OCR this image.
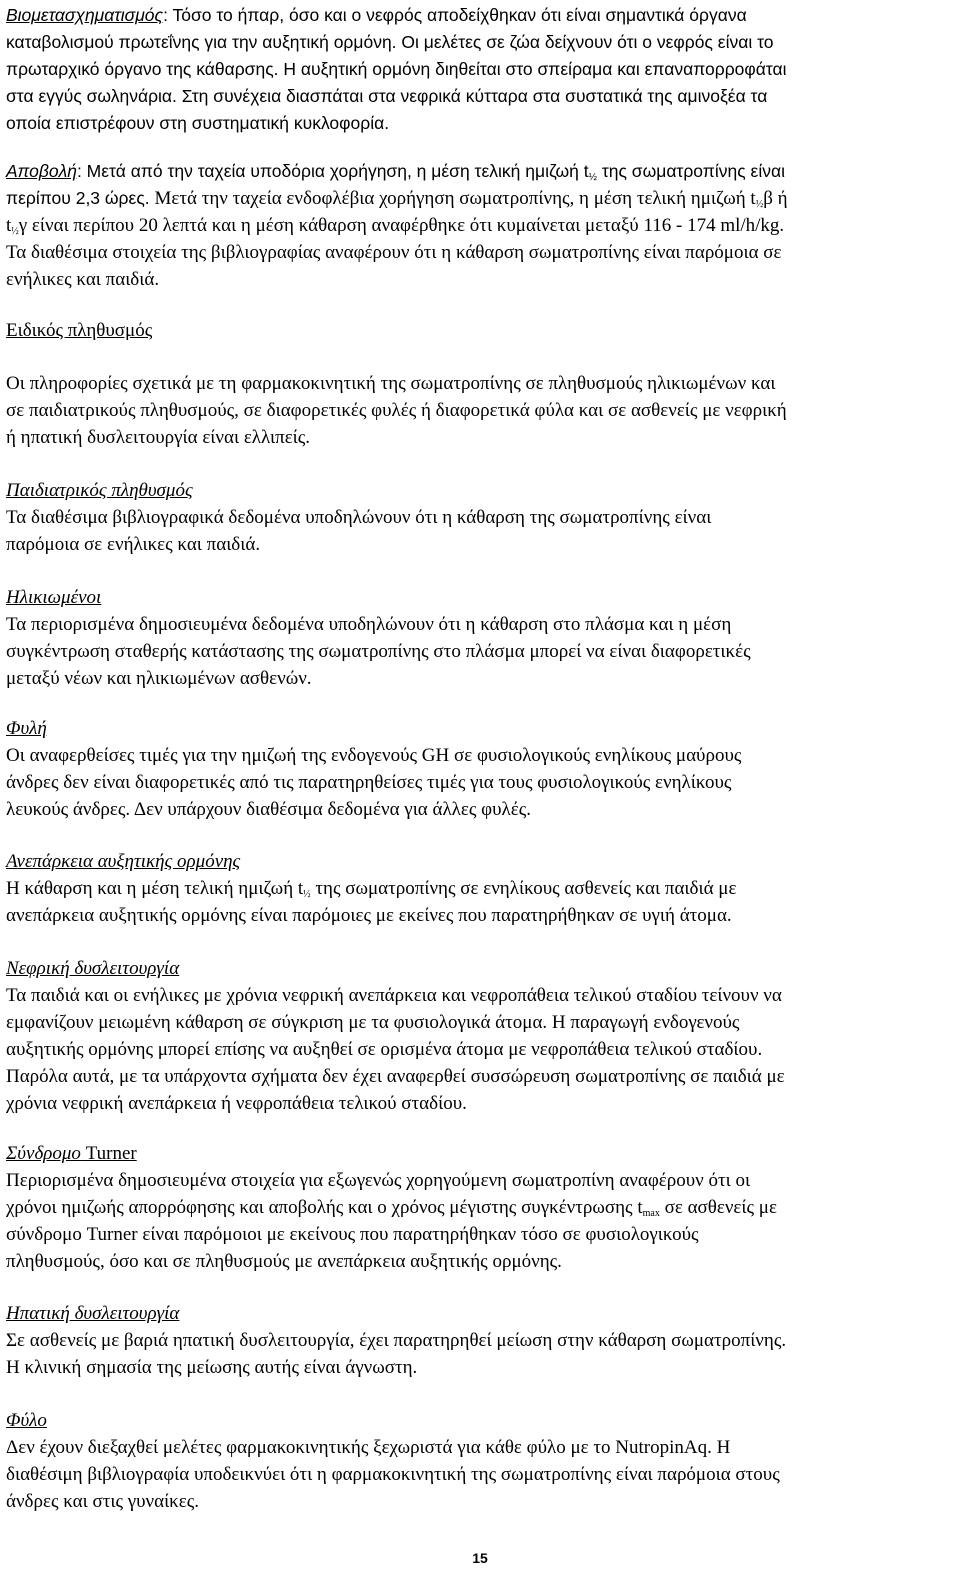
Βιομετασχηματισμός: Τόσο το ήπαρ, όσο και ο νεφρός αποδείχθηκαν ότι είναι σημαντικά όργανα
καταβολισμού πρωτεΐνης για την αυξητική ορμόνη. Οι μελέτες σε ζώα δείχνουν ότι ο νεφρός είναι το
πρωταρχικό όργανο της κάθαρσης. Η αυξητική ορμόνη διηθείται στο σπείραμα και επαναπορροφάται
στα εγγύς σωληνάρια. Στη συνέχεια διασπάται στα νεφρικά κύτταρα στα συστατικά της αμινοξέα τα
οποία επιστρέφουν στη συστηματική κυκλοφορία.
Αποβολή: Μετά από την ταχεία υποδόρια χορήγηση, η μέση τελική ημιζωή $t_{\frac{1}{2}}$ της σωματροπίνης είναι
περίπου 2,3 ώρες. Μετά την ταχεία ενδοφλέβια χορήγηση σωματροπίνης, η μέση τελική ημιζωή $t_{\frac{1}{2}}\beta$ ή
$t_{\frac{1}{2}}\gamma$ είναι περίπου 20 λεπτά και η μέση κάθαρση αναφέρθηκε ότι κυμαίνεται μεταξύ 116 - 174 ml/h/kg.
Τα διαθέσιμα στοιχεία της βιβλιογραφίας αναφέρουν ότι η κάθαρση σωματροπίνης είναι παρόμοια σε
ενήλικες και παιδιά.
Ειδικός πληθυσμός
Οι πληροφορίες σχετικά με τη φαρμακοκινητική της σωματροπίνης σε πληθυσμούς ηλικιωμένων και
σε παιδιατρικούς πληθυσμούς, σε διαφορετικές φυλές ή διαφορετικά φύλα και σε ασθενείς με νεφρική
ή ηπατική δυσλειτουργία είναι ελλιπείς.
Παιδιατρικός πληθυσμός
Τα διαθέσιμα βιβλιογραφικά δεδομένα υποδηλώνουν ότι η κάθαρση της σωματροπίνης είναι
παρόμοια σε ενήλικες και παιδιά.
Ηλικιωμένοι
Τα περιορισμένα δημοσιευμένα δεδομένα υποδηλώνουν ότι η κάθαρση στο πλάσμα και η μέση
συγκέντρωση σταθερής κατάστασης της σωματροπίνης στο πλάσμα μπορεί να είναι διαφορετικές
μεταξύ νέων και ηλικιωμένων ασθενών.
Φυλή
Οι αναφερθείσες τιμές για την ημιζωή της ενδογενούς GH σε φυσιολογικούς ενηλίκους μαύρους
άνδρες δεν είναι διαφορετικές από τις παρατηρηθείσες τιμές για τους φυσιολογικούς ενηλίκους
λευκούς άνδρες. Δεν υπάρχουν διαθέσιμα δεδομένα για άλλες φυλές.
Ανεπάρκεια αυξητικής ορμόνης
Η κάθαρση και η μέση τελική ημιζωή $t_{\frac{1}{2}}$ της σωματροπίνης σε ενηλίκους ασθενείς και παιδιά με
ανεπάρκεια αυξητικής ορμόνης είναι παρόμοιες με εκείνες που παρατηρήθηκαν σε υγιή άτομα.
Νεφρική δυσλειτουργία
Τα παιδιά και οι ενήλικες με χρόνια νεφρική ανεπάρκεια και νεφροπάθεια τελικού σταδίου τείνουν να
εμφανίζουν μειωμένη κάθαρση σε σύγκριση με τα φυσιολογικά άτομα. Η παραγωγή ενδογενούς
αυξητικής ορμόνης μπορεί επίσης να αυξηθεί σε ορισμένα άτομα με νεφροπάθεια τελικού σταδίου.
Παρόλα αυτά, με τα υπάρχοντα σχήματα δεν έχει αναφερθεί συσσώρευση σωματροπίνης σε παιδιά με
χρόνια νεφρική ανεπάρκεια ή νεφροπάθεια τελικού σταδίου.
Σύνδρομο Turner
Περιορισμένα δημοσιευμένα στοιχεία για εξωγενώς χορηγούμενη σωματροπίνη αναφέρουν ότι οι
χρόνοι ημιζωής απορρόφησης και αποβολής και ο χρόνος μέγιστης συγκέντρωσης $t_{max}$ σε ασθενείς με
σύνδρομο Turner είναι παρόμοιοι με εκείνους που παρατηρήθηκαν τόσο σε φυσιολογικούς
πληθυσμούς, όσο και σε πληθυσμούς με ανεπάρκεια αυξητικής ορμόνης.
Ηπατική δυσλειτουργία
Σε ασθενείς με βαριά ηπατική δυσλειτουργία, έχει παρατηρηθεί μείωση στην κάθαρση σωματροπίνης.
Η κλινική σημασία της μείωσης αυτής είναι άγνωστη.
Φύλο
Δεν έχουν διεξαχθεί μελέτες φαρμακοκινητικής ξεχωριστά για κάθε φύλο με το NutropinAq. Η
διαθέσιμη βιβλιογραφία υποδεικνύει ότι η φαρμακοκινητική της σωματροπίνης είναι παρόμοια στους
άνδρες και στις γυναίκες.
15
